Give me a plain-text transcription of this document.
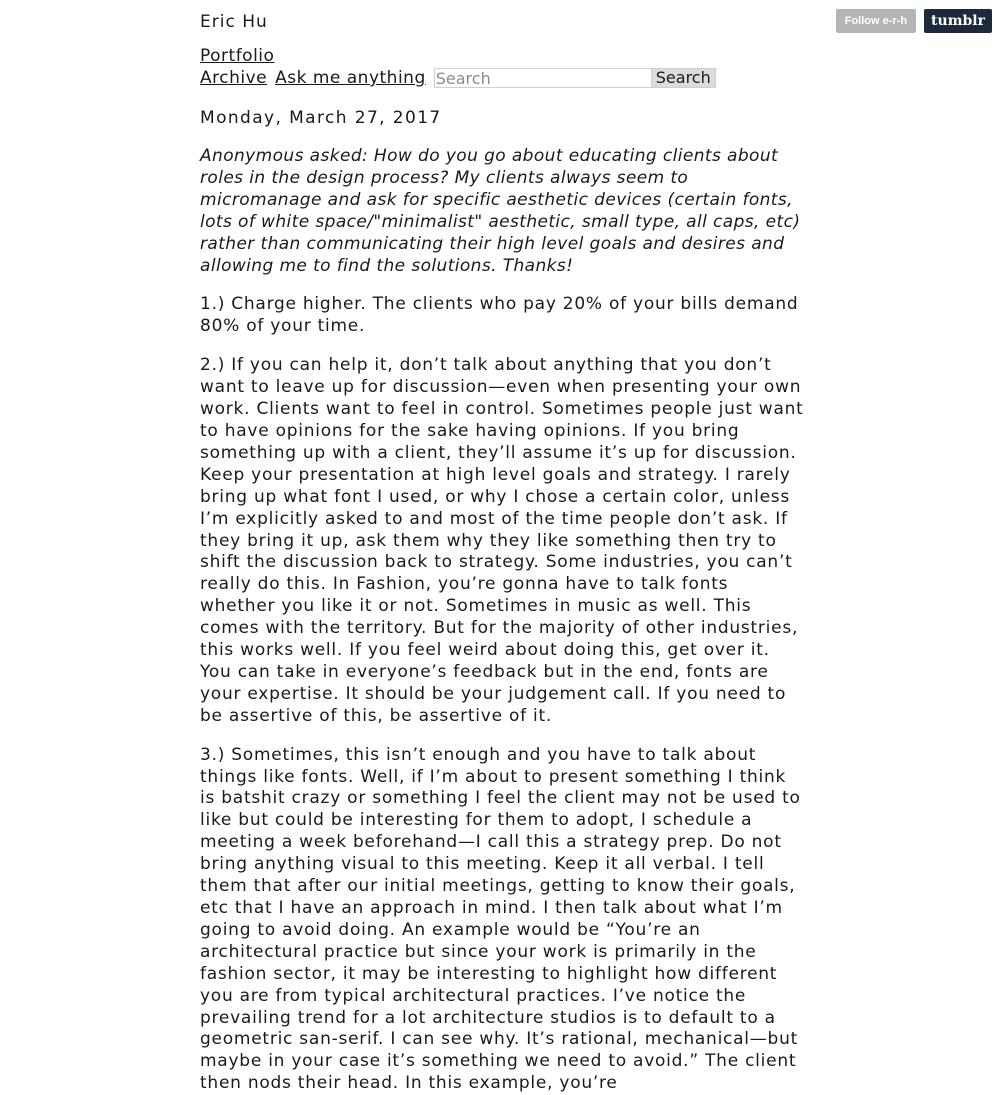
Follow e-r-h	tumblr
Eric Hu
Portfolio
Archive Ask me anything
Search	Search
Monday, March 27, 2017
Anonymous asked: How do you go about educating clients about roles in the design process? My clients always seem to micromanage and ask for specific aesthetic devices (certain fonts, lots of white space/"minimalist" aesthetic, small type, all caps, etc) rather than communicating their high level goals and desires and allowing me to find the solutions. Thanks!
1.) Charge higher. The clients who pay 20% of your bills demand 80% of your time.
2.) If you can help it, don’t talk about anything that you don’t want to leave up for discussion—even when presenting your own work. Clients want to feel in control. Sometimes people just want to have opinions for the sake having opinions. If you bring something up with a client, they’ll assume it’s up for discussion. Keep your presentation at high level goals and strategy. I rarely bring up what font I used, or why I chose a certain color, unless I’m explicitly asked to and most of the time people don’t ask. If they bring it up, ask them why they like something then try to shift the discussion back to strategy. Some industries, you can’t really do this. In Fashion, you’re gonna have to talk fonts whether you like it or not. Sometimes in music as well. This comes with the territory. But for the majority of other industries, this works well. If you feel weird about doing this, get over it. You can take in everyone’s feedback but in the end, fonts are your expertise. It should be your judgement call. If you need to be assertive of this, be assertive of it.
3.) Sometimes, this isn’t enough and you have to talk about things like fonts. Well, if I’m about to present something I think is batshit crazy or something I feel the client may not be used to like but could be interesting for them to adopt, I schedule a meeting a week beforehand—I call this a strategy prep. Do not bring anything visual to this meeting. Keep it all verbal. I tell them that after our initial meetings, getting to know their goals, etc that I have an approach in mind. I then talk about what I’m going to avoid doing. An example would be “You’re an architectural practice but since your work is primarily in the fashion sector, it may be interesting to highlight how different you are from typical architectural practices. I’ve notice the prevailing trend for a lot architecture studios is to default to a geometric san-serif. I can see why. It’s rational, mechanical—but maybe in your case it’s something we need to avoid.” The client then nods their head. In this example, you’re
